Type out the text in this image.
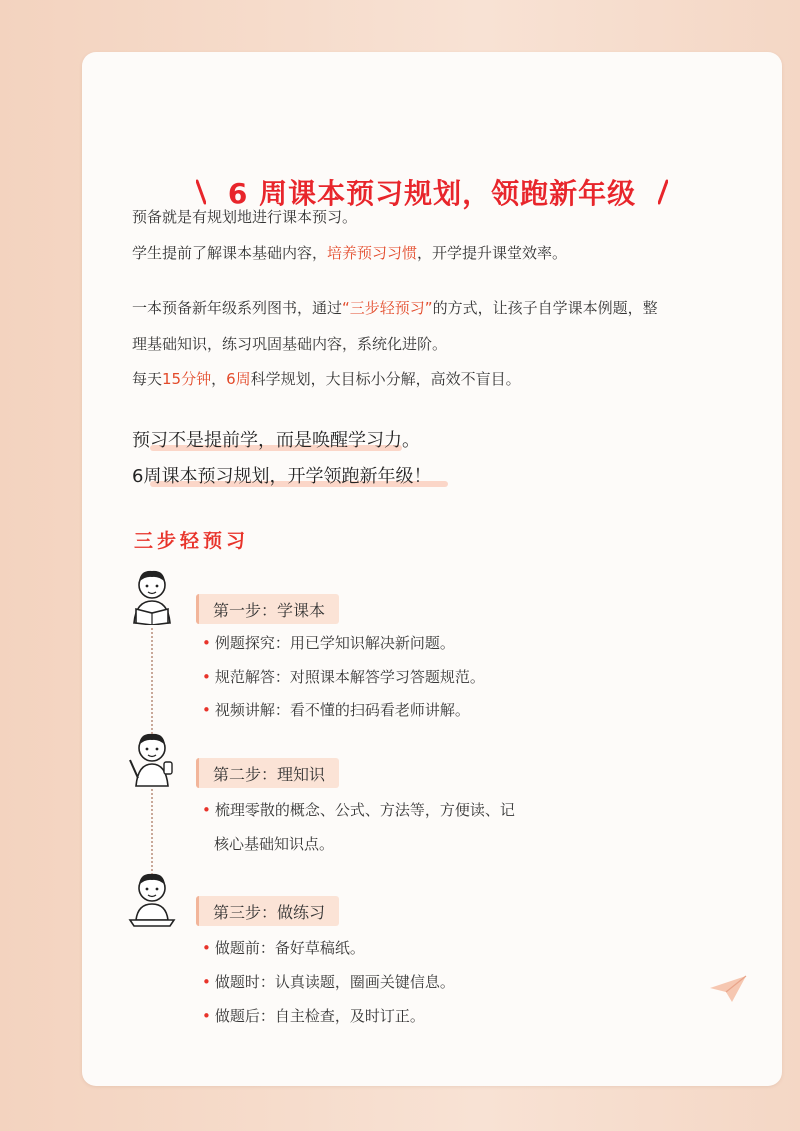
6 周课本预习规划，领跑新年级
预备就是有规划地进行课本预习。
学生提前了解课本基础内容，培养预习习惯，开学提升课堂效率。
一本预备新年级系列图书，通过“三步轻预习”的方式，让孩子自学课本例题，整
理基础知识，练习巩固基础内容，系统化进阶。
每天15分钟，6周科学规划，大目标小分解，高效不盲目。
预习不是提前学，而是唤醒学习力。
6周课本预习规划，开学领跑新年级！
三步轻预习
第一步：学课本
• 例题探究：用已学知识解决新问题。
• 规范解答：对照课本解答学习答题规范。
• 视频讲解：看不懂的扫码看老师讲解。
第二步：理知识
• 梳理零散的概念、公式、方法等，方便读、记
核心基础知识点。
第三步：做练习
• 做题前：备好草稿纸。
• 做题时：认真读题，圈画关键信息。
• 做题后：自主检查，及时订正。
